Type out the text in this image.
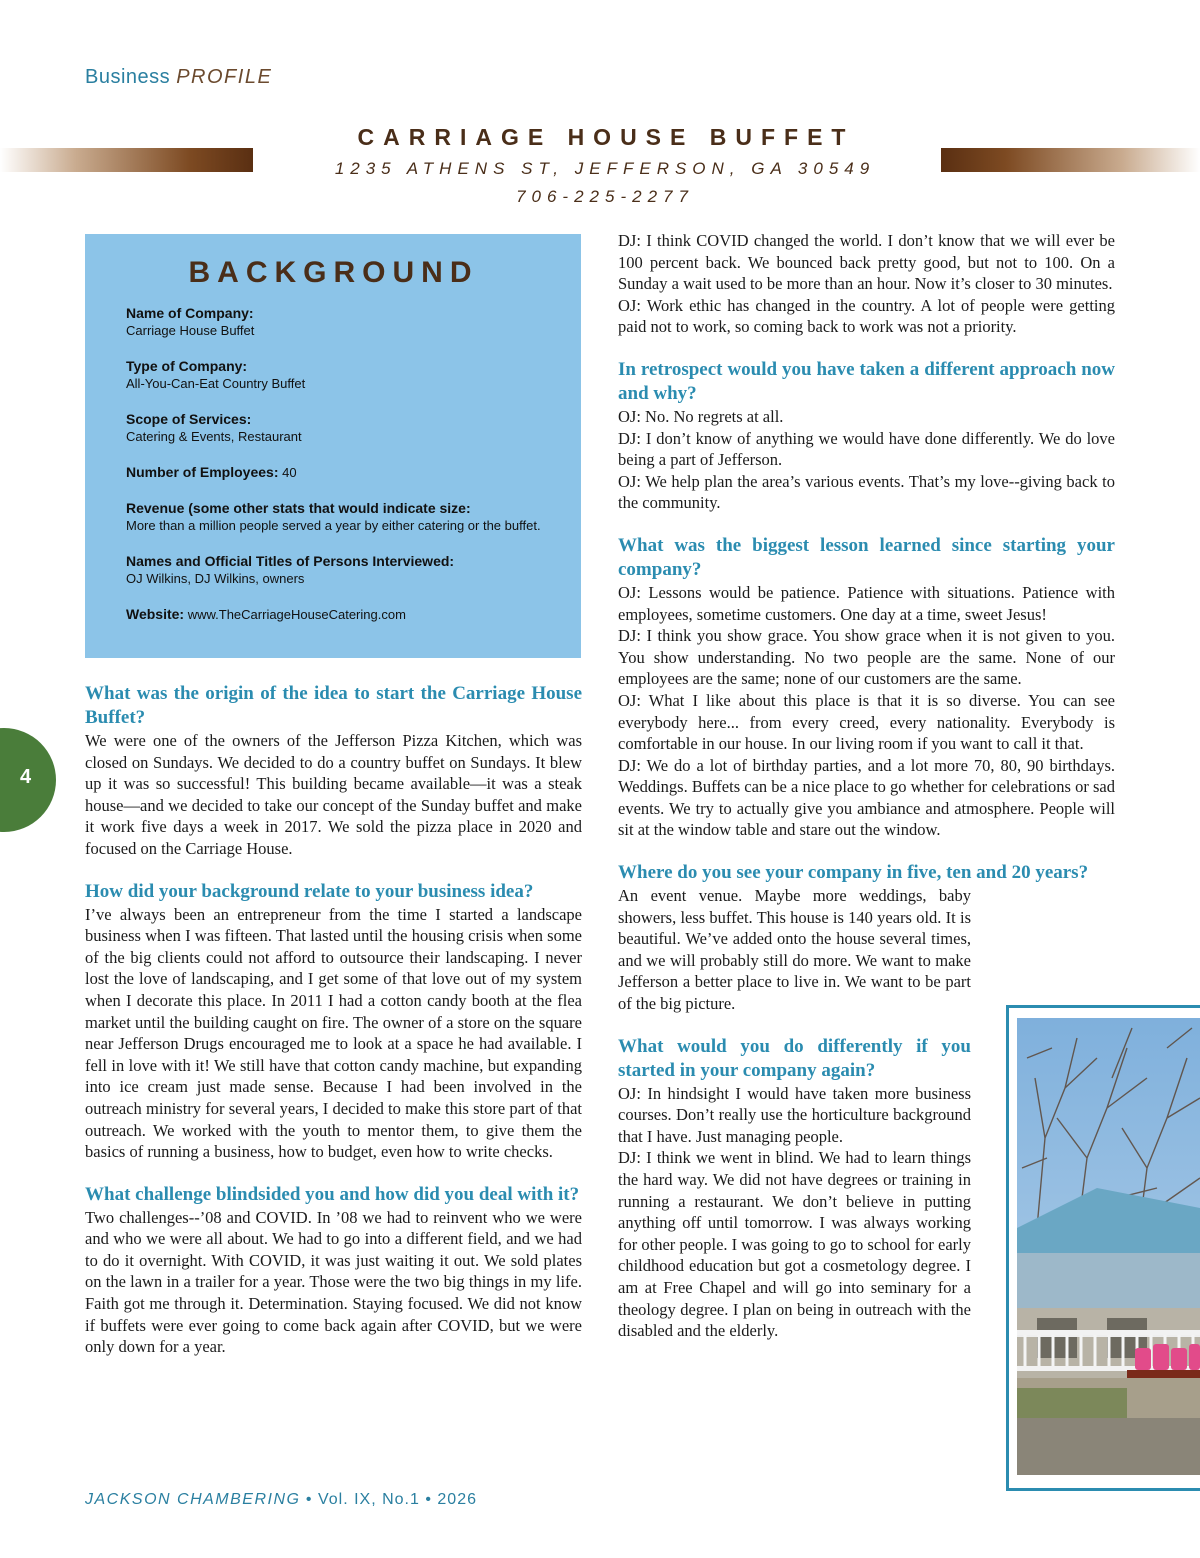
Business PROFILE
CARRIAGE HOUSE BUFFET
1235 ATHENS ST, JEFFERSON, GA 30549
706-225-2277
BACKGROUND
Name of Company:
Carriage House Buffet
Type of Company:
All-You-Can-Eat Country Buffet
Scope of Services:
Catering & Events, Restaurant
Number of Employees: 40
Revenue (some other stats that would indicate size:
More than a million people served a year by either catering or the buffet.
Names and Official Titles of Persons Interviewed:
OJ Wilkins, DJ Wilkins, owners
Website: www.TheCarriageHouseCatering.com

What was the origin of the idea to start the Carriage House Buffet?

We were one of the owners of the Jefferson Pizza Kitchen, which was closed on Sundays. We decided to do a country buffet on Sundays. It blew up it was so successful! This building became available—it was a steak house—and we decided to take our concept of the Sunday buffet and make it work five days a week in 2017. We sold the pizza place in 2020 and focused on the Carriage House.

How did your background relate to your business idea?

I’ve always been an entrepreneur from the time I started a landscape business when I was fifteen. That lasted until the housing crisis when some of the big clients could not afford to outsource their landscaping. I never lost the love of landscaping, and I get some of that love out of my system when I decorate this place. In 2011 I had a cotton candy booth at the flea market until the building caught on fire. The owner of a store on the square near Jefferson Drugs encouraged me to look at a space he had available. I fell in love with it! We still have that cotton candy machine, but expanding into ice cream just made sense. Because I had been involved in the outreach ministry for several years, I decided to make this store part of that outreach. We worked with the youth to mentor them, to give them the basics of running a business, how to budget, even how to write checks.

What challenge blindsided you and how did you deal with it?

Two challenges--’08 and COVID. In ’08 we had to reinvent who we were and who we were all about. We had to go into a different field, and we had to do it overnight. With COVID, it was just waiting it out. We sold plates on the lawn in a trailer for a year. Those were the two big things in my life. Faith got me through it. Determination. Staying focused. We did not know if buffets were ever going to come back again after COVID, but we were only down for a year.

DJ: I think COVID changed the world. I don’t know that we will ever be 100 percent back. We bounced back pretty good, but not to 100. On a Sunday a wait used to be more than an hour. Now it’s closer to 30 minutes.

OJ: Work ethic has changed in the country. A lot of people were getting paid not to work, so coming back to work was not a priority.

In retrospect would you have taken a different approach now and why?

OJ: No. No regrets at all.

DJ: I don’t know of anything we would have done differently. We do love being a part of Jefferson.

OJ: We help plan the area’s various events. That’s my love--giving back to the community.

What was the biggest lesson learned since starting your company?

OJ: Lessons would be patience. Patience with situations. Patience with employees, sometime customers. One day at a time, sweet Jesus!

DJ: I think you show grace. You show grace when it is not given to you. You show understanding. No two people are the same. None of our employees are the same; none of our customers are the same.

OJ: What I like about this place is that it is so diverse. You can see everybody here... from every creed, every nationality. Everybody is comfortable in our house. In our living room if you want to call it that.

DJ: We do a lot of birthday parties, and a lot more 70, 80, 90 birthdays. Weddings. Buffets can be a nice place to go whether for celebrations or sad events. We try to actually give you ambiance and atmosphere. People will sit at the window table and stare out the window.

Where do you see your company in five, ten and 20 years?

An event venue. Maybe more weddings, baby showers, less buffet. This house is 140 years old. It is beautiful. We’ve added onto the house several times, and we will probably still do more. We want to make Jefferson a better place to live in. We want to be part of the big picture.

What would you do differently if you started in your company again?

OJ: In hindsight I would have taken more business courses. Don’t really use the horticulture background that I have. Just managing people.

DJ: I think we went in blind. We had to learn things the hard way. We did not have degrees or training in running a restaurant. We don’t believe in putting anything off until tomorrow. I was always working for other people. I was going to go to school for early childhood education but got a cosmetology degree. I am at Free Chapel and will go into seminary for a theology degree. I plan on being in outreach with the disabled and the elderly.

4
JACKSON CHAMBERING • Vol. IX, No.1 • 2026
